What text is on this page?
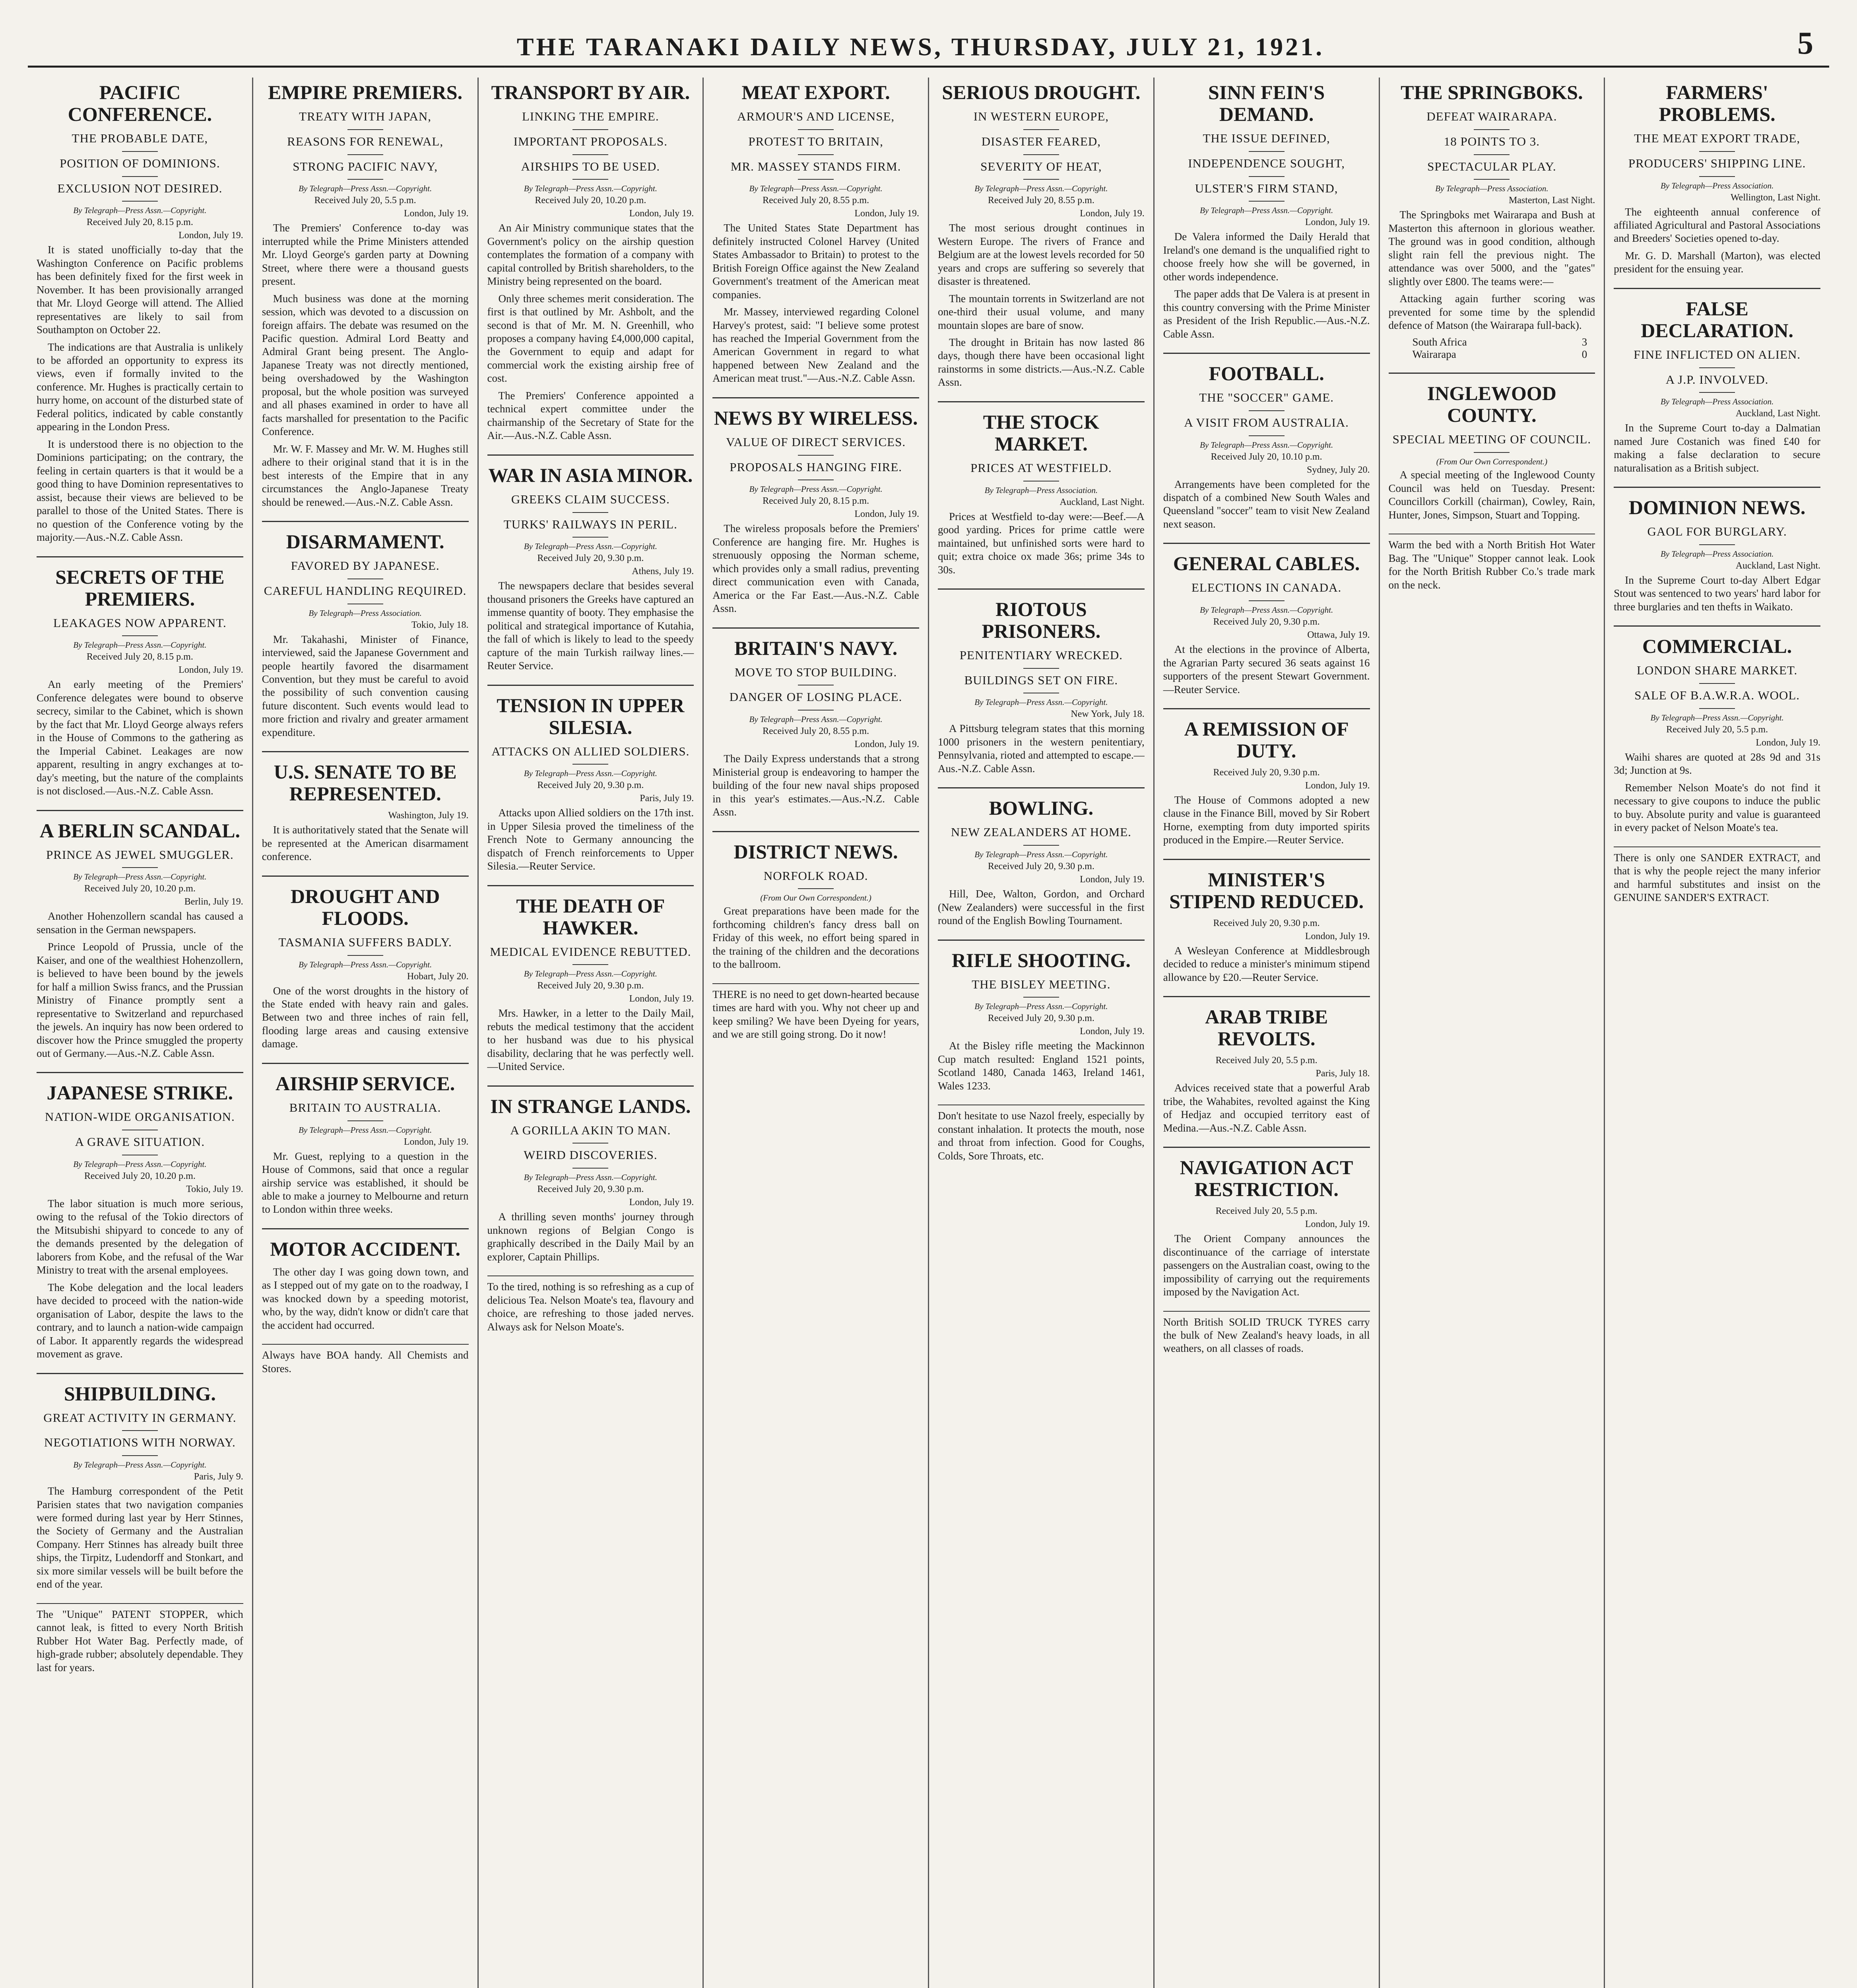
THE TARANAKI DAILY NEWS, THURSDAY, JULY 21, 1921.	5
PACIFIC CONFERENCE.
THE PROBABLE DATE,
POSITION OF DOMINIONS.
EXCLUSION NOT DESIRED.
By Telegraph—Press Assn.—Copyright.
Received July 20, 8.15 p.m.
London, July 19.

It is stated unofficially to-day that the Washington Conference on Pacific problems has been definitely fixed for the first week in November. It has been provisionally arranged that Mr. Lloyd George will attend. The Allied representatives are likely to sail from Southampton on October 22.

The indications are that Australia is unlikely to be afforded an opportunity to express its views, even if formally invited to the conference. Mr. Hughes is practically certain to hurry home, on account of the disturbed state of Federal politics, indicated by cable constantly appearing in the London Press.

It is understood there is no objection to the Dominions participating; on the contrary, the feeling in certain quarters is that it would be a good thing to have Dominion representatives to assist, because their views are believed to be parallel to those of the United States. There is no question of the Conference voting by the majority.—Aus.-N.Z. Cable Assn.

SECRETS OF THE PREMIERS.
LEAKAGES NOW APPARENT.
By Telegraph—Press Assn.—Copyright.
Received July 20, 8.15 p.m.
London, July 19.

An early meeting of the Premiers' Conference delegates were bound to observe secrecy, similar to the Cabinet, which is shown by the fact that Mr. Lloyd George always refers in the House of Commons to the gathering as the Imperial Cabinet. Leakages are now apparent, resulting in angry exchanges at to-day's meeting, but the nature of the complaints is not disclosed.—Aus.-N.Z. Cable Assn.

A BERLIN SCANDAL.
PRINCE AS JEWEL SMUGGLER.
By Telegraph—Press Assn.—Copyright.
Received July 20, 10.20 p.m.
Berlin, July 19.

Another Hohenzollern scandal has caused a sensation in the German newspapers.

Prince Leopold of Prussia, uncle of the Kaiser, and one of the wealthiest Hohenzollern, is believed to have been bound by the jewels for half a million Swiss francs, and the Prussian Ministry of Finance promptly sent a representative to Switzerland and repurchased the jewels. An inquiry has now been ordered to discover how the Prince smuggled the property out of Germany.—Aus.-N.Z. Cable Assn.

JAPANESE STRIKE.
NATION-WIDE ORGANISATION.
A GRAVE SITUATION.
By Telegraph—Press Assn.—Copyright.
Received July 20, 10.20 p.m.
Tokio, July 19.

The labor situation is much more serious, owing to the refusal of the Tokio directors of the Mitsubishi shipyard to concede to any of the demands presented by the delegation of laborers from Kobe, and the refusal of the War Ministry to treat with the arsenal employees.

The Kobe delegation and the local leaders have decided to proceed with the nation-wide organisation of Labor, despite the laws to the contrary, and to launch a nation-wide campaign of Labor. It apparently regards the widespread movement as grave.

SHIPBUILDING.
GREAT ACTIVITY IN GERMANY.
NEGOTIATIONS WITH NORWAY.
By Telegraph—Press Assn.—Copyright.
Paris, July 9.

The Hamburg correspondent of the Petit Parisien states that two navigation companies were formed during last year by Herr Stinnes, the Society of Germany and the Australian Company. Herr Stinnes has already built three ships, the Tirpitz, Ludendorff and Stonkart, and six more similar vessels will be built before the end of the year.

The "Unique" PATENT STOPPER, which cannot leak, is fitted to every North British Rubber Hot Water Bag. Perfectly made, of high-grade rubber; absolutely dependable. They last for years.

EMPIRE PREMIERS.
TREATY WITH JAPAN,
REASONS FOR RENEWAL,
STRONG PACIFIC NAVY,
By Telegraph—Press Assn.—Copyright.
Received July 20, 5.5 p.m.
London, July 19.

The Premiers' Conference to-day was interrupted while the Prime Ministers attended Mr. Lloyd George's garden party at Downing Street, where there were a thousand guests present.

Much business was done at the morning session, which was devoted to a discussion on foreign affairs. The debate was resumed on the Pacific question. Admiral Lord Beatty and Admiral Grant being present. The Anglo-Japanese Treaty was not directly mentioned, being overshadowed by the Washington proposal, but the whole position was surveyed and all phases examined in order to have all facts marshalled for presentation to the Pacific Conference.

Mr. W. F. Massey and Mr. W. M. Hughes still adhere to their original stand that it is in the best interests of the Empire that in any circumstances the Anglo-Japanese Treaty should be renewed.—Aus.-N.Z. Cable Assn.

DISARMAMENT.
FAVORED BY JAPANESE.
CAREFUL HANDLING REQUIRED.
By Telegraph—Press Association.
Tokio, July 18.

Mr. Takahashi, Minister of Finance, interviewed, said the Japanese Government and people heartily favored the disarmament Convention, but they must be careful to avoid the possibility of such convention causing future discontent. Such events would lead to more friction and rivalry and greater armament expenditure.

U.S. SENATE TO BE REPRESENTED.
Washington, July 19.

It is authoritatively stated that the Senate will be represented at the American disarmament conference.

DROUGHT AND FLOODS.
TASMANIA SUFFERS BADLY.
By Telegraph—Press Assn.—Copyright.
Hobart, July 20.

One of the worst droughts in the history of the State ended with heavy rain and gales. Between two and three inches of rain fell, flooding large areas and causing extensive damage.

AIRSHIP SERVICE.
BRITAIN TO AUSTRALIA.
By Telegraph—Press Assn.—Copyright.
London, July 19.

Mr. Guest, replying to a question in the House of Commons, said that once a regular airship service was established, it should be able to make a journey to Melbourne and return to London within three weeks.

MOTOR ACCIDENT.

The other day I was going down town, and as I stepped out of my gate on to the roadway, I was knocked down by a speeding motorist, who, by the way, didn't know or didn't care that the accident had occurred.

Always have BOA handy. All Chemists and Stores.

TRANSPORT BY AIR.
LINKING THE EMPIRE.
IMPORTANT PROPOSALS.
AIRSHIPS TO BE USED.
By Telegraph—Press Assn.—Copyright.
Received July 20, 10.20 p.m.
London, July 19.

An Air Ministry communique states that the Government's policy on the airship question contemplates the formation of a company with capital controlled by British shareholders, to the Ministry being represented on the board.

Only three schemes merit consideration. The first is that outlined by Mr. Ashbolt, and the second is that of Mr. M. N. Greenhill, who proposes a company having £4,000,000 capital, the Government to equip and adapt for commercial work the existing airship free of cost.

The Premiers' Conference appointed a technical expert committee under the chairmanship of the Secretary of State for the Air.—Aus.-N.Z. Cable Assn.

WAR IN ASIA MINOR.
GREEKS CLAIM SUCCESS.
TURKS' RAILWAYS IN PERIL.
By Telegraph—Press Assn.—Copyright.
Received July 20, 9.30 p.m.
Athens, July 19.

The newspapers declare that besides several thousand prisoners the Greeks have captured an immense quantity of booty. They emphasise the political and strategical importance of Kutahia, the fall of which is likely to lead to the speedy capture of the main Turkish railway lines.—Reuter Service.

TENSION IN UPPER SILESIA.
ATTACKS ON ALLIED SOLDIERS.
By Telegraph—Press Assn.—Copyright.
Received July 20, 9.30 p.m.
Paris, July 19.

Attacks upon Allied soldiers on the 17th inst. in Upper Silesia proved the timeliness of the French Note to Germany announcing the dispatch of French reinforcements to Upper Silesia.—Reuter Service.

THE DEATH OF HAWKER.
MEDICAL EVIDENCE REBUTTED.
By Telegraph—Press Assn.—Copyright.
Received July 20, 9.30 p.m.
London, July 19.

Mrs. Hawker, in a letter to the Daily Mail, rebuts the medical testimony that the accident to her husband was due to his physical disability, declaring that he was perfectly well.—United Service.

IN STRANGE LANDS.
A GORILLA AKIN TO MAN.
WEIRD DISCOVERIES.
By Telegraph—Press Assn.—Copyright.
Received July 20, 9.30 p.m.
London, July 19.

A thrilling seven months' journey through unknown regions of Belgian Congo is graphically described in the Daily Mail by an explorer, Captain Phillips.

To the tired, nothing is so refreshing as a cup of delicious Tea. Nelson Moate's tea, flavoury and choice, are refreshing to those jaded nerves. Always ask for Nelson Moate's.

MEAT EXPORT.
ARMOUR'S AND LICENSE,
PROTEST TO BRITAIN,
MR. MASSEY STANDS FIRM.
By Telegraph—Press Assn.—Copyright.
Received July 20, 8.55 p.m.
London, July 19.

The United States State Department has definitely instructed Colonel Harvey (United States Ambassador to Britain) to protest to the British Foreign Office against the New Zealand Government's treatment of the American meat companies.

Mr. Massey, interviewed regarding Colonel Harvey's protest, said: "I believe some protest has reached the Imperial Government from the American Government in regard to what happened between New Zealand and the American meat trust."—Aus.-N.Z. Cable Assn.

NEWS BY WIRELESS.
VALUE OF DIRECT SERVICES.
PROPOSALS HANGING FIRE.
By Telegraph—Press Assn.—Copyright.
Received July 20, 8.15 p.m.
London, July 19.

The wireless proposals before the Premiers' Conference are hanging fire. Mr. Hughes is strenuously opposing the Norman scheme, which provides only a small radius, preventing direct communication even with Canada, America or the Far East.—Aus.-N.Z. Cable Assn.

BRITAIN'S NAVY.
MOVE TO STOP BUILDING.
DANGER OF LOSING PLACE.
By Telegraph—Press Assn.—Copyright.
Received July 20, 8.55 p.m.
London, July 19.

The Daily Express understands that a strong Ministerial group is endeavoring to hamper the building of the four new naval ships proposed in this year's estimates.—Aus.-N.Z. Cable Assn.

DISTRICT NEWS.
NORFOLK ROAD.
(From Our Own Correspondent.)

Great preparations have been made for the forthcoming children's fancy dress ball on Friday of this week, no effort being spared in the training of the children and the decorations to the ballroom.

THERE is no need to get down-hearted because times are hard with you. Why not cheer up and keep smiling? We have been Dyeing for years, and we are still going strong. Do it now!

SERIOUS DROUGHT.
IN WESTERN EUROPE,
DISASTER FEARED,
SEVERITY OF HEAT,
By Telegraph—Press Assn.—Copyright.
Received July 20, 8.55 p.m.
London, July 19.

The most serious drought continues in Western Europe. The rivers of France and Belgium are at the lowest levels recorded for 50 years and crops are suffering so severely that disaster is threatened.

The mountain torrents in Switzerland are not one-third their usual volume, and many mountain slopes are bare of snow.

The drought in Britain has now lasted 86 days, though there have been occasional light rainstorms in some districts.—Aus.-N.Z. Cable Assn.

THE STOCK MARKET.
PRICES AT WESTFIELD.
By Telegraph—Press Association.
Auckland, Last Night.

Prices at Westfield to-day were:—Beef.—A good yarding. Prices for prime cattle were maintained, but unfinished sorts were hard to quit; extra choice ox made 36s; prime 34s to 30s.

RIOTOUS PRISONERS.
PENITENTIARY WRECKED.
BUILDINGS SET ON FIRE.
By Telegraph—Press Assn.—Copyright.
New York, July 18.

A Pittsburg telegram states that this morning 1000 prisoners in the western penitentiary, Pennsylvania, rioted and attempted to escape.—Aus.-N.Z. Cable Assn.

BOWLING.
NEW ZEALANDERS AT HOME.
By Telegraph—Press Assn.—Copyright.
Received July 20, 9.30 p.m.
London, July 19.

Hill, Dee, Walton, Gordon, and Orchard (New Zealanders) were successful in the first round of the English Bowling Tournament.

RIFLE SHOOTING.
THE BISLEY MEETING.
By Telegraph—Press Assn.—Copyright.
Received July 20, 9.30 p.m.
London, July 19.

At the Bisley rifle meeting the Mackinnon Cup match resulted: England 1521 points, Scotland 1480, Canada 1463, Ireland 1461, Wales 1233.

Don't hesitate to use Nazol freely, especially by constant inhalation. It protects the mouth, nose and throat from infection. Good for Coughs, Colds, Sore Throats, etc.

SINN FEIN'S DEMAND.
THE ISSUE DEFINED,
INDEPENDENCE SOUGHT,
ULSTER'S FIRM STAND,
By Telegraph—Press Assn.—Copyright.
London, July 19.

De Valera informed the Daily Herald that Ireland's one demand is the unqualified right to choose freely how she will be governed, in other words independence.

The paper adds that De Valera is at present in this country conversing with the Prime Minister as President of the Irish Republic.—Aus.-N.Z. Cable Assn.

FOOTBALL.
THE "SOCCER" GAME.
A VISIT FROM AUSTRALIA.
By Telegraph—Press Assn.—Copyright.
Received July 20, 10.10 p.m.
Sydney, July 20.

Arrangements have been completed for the dispatch of a combined New South Wales and Queensland "soccer" team to visit New Zealand next season.

GENERAL CABLES.
ELECTIONS IN CANADA.
By Telegraph—Press Assn.—Copyright.
Received July 20, 9.30 p.m.
Ottawa, July 19.

At the elections in the province of Alberta, the Agrarian Party secured 36 seats against 16 supporters of the present Stewart Government.—Reuter Service.

A REMISSION OF DUTY.
Received July 20, 9.30 p.m.
London, July 19.

The House of Commons adopted a new clause in the Finance Bill, moved by Sir Robert Horne, exempting from duty imported spirits produced in the Empire.—Reuter Service.

MINISTER'S STIPEND REDUCED.
Received July 20, 9.30 p.m.
London, July 19.

A Wesleyan Conference at Middlesbrough decided to reduce a minister's minimum stipend allowance by £20.—Reuter Service.

ARAB TRIBE REVOLTS.
Received July 20, 5.5 p.m.
Paris, July 18.

Advices received state that a powerful Arab tribe, the Wahabites, revolted against the King of Hedjaz and occupied territory east of Medina.—Aus.-N.Z. Cable Assn.

NAVIGATION ACT RESTRICTION.
Received July 20, 5.5 p.m.
London, July 19.

The Orient Company announces the discontinuance of the carriage of interstate passengers on the Australian coast, owing to the impossibility of carrying out the requirements imposed by the Navigation Act.

North British SOLID TRUCK TYRES carry the bulk of New Zealand's heavy loads, in all weathers, on all classes of roads.

THE SPRINGBOKS.
DEFEAT WAIRARAPA.
18 POINTS TO 3.
SPECTACULAR PLAY.
By Telegraph—Press Association.
Masterton, Last Night.

The Springboks met Wairarapa and Bush at Masterton this afternoon in glorious weather. The ground was in good condition, although slight rain fell the previous night. The attendance was over 5000, and the "gates" slightly over £800. The teams were:—

Attacking again further scoring was prevented for some time by the splendid defence of Matson (the Wairarapa full-back).

South Africa	3
Wairarapa	0
INGLEWOOD COUNTY.
SPECIAL MEETING OF COUNCIL.
(From Our Own Correspondent.)

A special meeting of the Inglewood County Council was held on Tuesday. Present: Councillors Corkill (chairman), Cowley, Rain, Hunter, Jones, Simpson, Stuart and Topping.

Warm the bed with a North British Hot Water Bag. The "Unique" Stopper cannot leak. Look for the North British Rubber Co.'s trade mark on the neck.

FARMERS' PROBLEMS.
THE MEAT EXPORT TRADE,
PRODUCERS' SHIPPING LINE.
By Telegraph—Press Association.
Wellington, Last Night.

The eighteenth annual conference of affiliated Agricultural and Pastoral Associations and Breeders' Societies opened to-day.

Mr. G. D. Marshall (Marton), was elected president for the ensuing year.

FALSE DECLARATION.
FINE INFLICTED ON ALIEN.
A J.P. INVOLVED.
By Telegraph—Press Association.
Auckland, Last Night.

In the Supreme Court to-day a Dalmatian named Jure Costanich was fined £40 for making a false declaration to secure naturalisation as a British subject.

DOMINION NEWS.
GAOL FOR BURGLARY.
By Telegraph—Press Association.
Auckland, Last Night.

In the Supreme Court to-day Albert Edgar Stout was sentenced to two years' hard labor for three burglaries and ten thefts in Waikato.

COMMERCIAL.
LONDON SHARE MARKET.
SALE OF B.A.W.R.A. WOOL.
By Telegraph—Press Assn.—Copyright.
Received July 20, 5.5 p.m.
London, July 19.

Waihi shares are quoted at 28s 9d and 31s 3d; Junction at 9s.

Remember Nelson Moate's do not find it necessary to give coupons to induce the public to buy. Absolute purity and value is guaranteed in every packet of Nelson Moate's tea.

There is only one SANDER EXTRACT, and that is why the people reject the many inferior and harmful substitutes and insist on the GENUINE SANDER'S EXTRACT.
